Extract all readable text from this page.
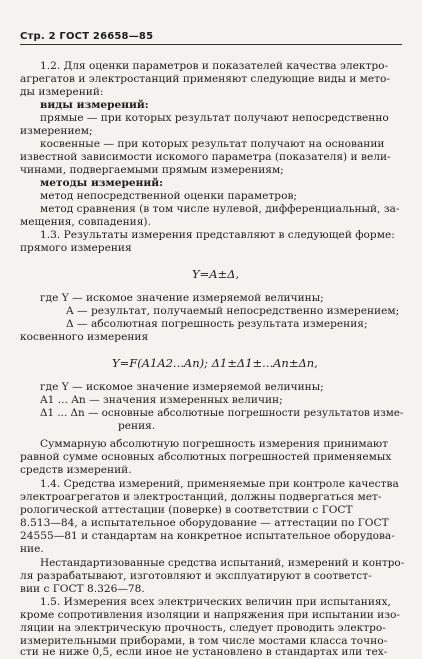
Стр. 2 ГОСТ 26658—85
1.2. Для оценки параметров и показателей качества электро-
агрегатов и электростанций применяют следующие виды и мето-
ды измерений:
виды измерений:
прямые — при которых результат получают непосредственно
измерением;
косвенные — при которых результат получают на основании
известной зависимости искомого параметра (показателя) и вели-
чинами, подвергаемыми прямым измерениям;
методы измерений:
метод непосредственной оценки параметров;
метод сравнения (в том числе нулевой, дифференциальный, за-
мещения, совпадения).
1.3. Результаты измерения представляют в следующей форме:
прямого измерения
Y=A±Δ,
где Y — искомое значение измеряемой величины;
A — результат, получаемый непосредственно измерением;
Δ — абсолютная погрешность результата измерения;
косвенного измерения
Y=F(A1A2...An); Δ1±Δ1±...An±Δn,
где Y — искомое значение измеряемой величины;
A1 ... An — значения измеренных величин;
Δ1 ... Δn — основные абсолютные погрешности результатов изме-
рения.
Суммарную абсолютную погрешность измерения принимают
равной сумме основных абсолютных погрешностей применяемых
средств измерений.
1.4. Средства измерений, применяемые при контроле качества
электроагрегатов и электростанций, должны подвергаться мет-
рологической аттестации (поверке) в соответствии с ГОСТ
8.513—84, а испытательное оборудование — аттестации по ГОСТ
24555—81 и стандартам на конкретное испытательное оборудова-
ние.
Нестандартизованные средства испытаний, измерений и контро-
ля разрабатывают, изготовляют и эксплуатируют в соответст-
вии с ГОСТ 8.326—78.
1.5. Измерения всех электрических величин при испытаниях,
кроме сопротивления изоляции и напряжения при испытании изо-
ляции на электрическую прочность, следует проводить электро-
измерительными приборами, в том числе мостами класса точно-
сти не ниже 0,5, если иное не установлено в стандартах или тех-
